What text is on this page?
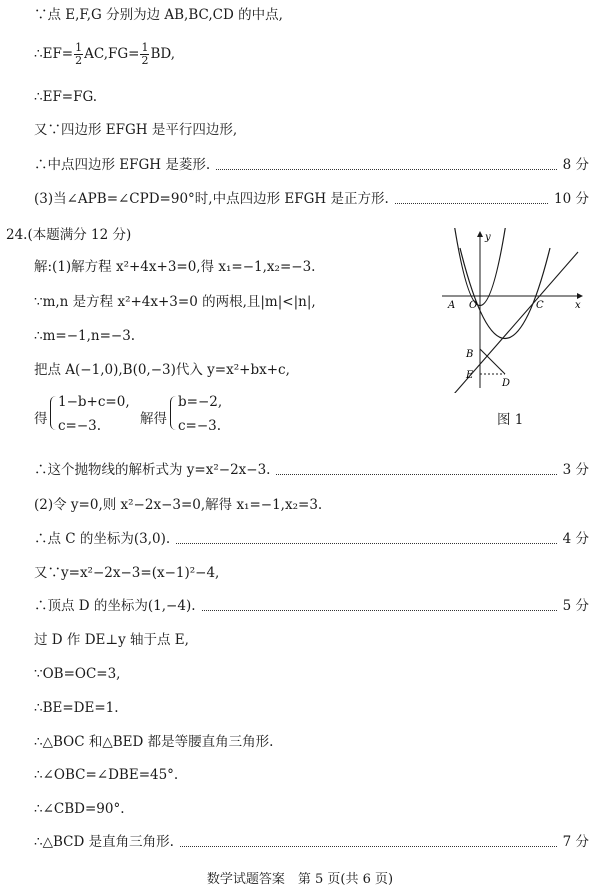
∵点 E,F,G 分别为边 AB,BC,CD 的中点,
∴EF= $\frac{1}{2} AC,FG= \frac{1}{2}$ BD,
∴EF=FG.
又∵四边形 EFGH 是平行四边形,
∴中点四边形 EFGH 是菱形.	8 分
(3)当∠APB=∠CPD=90°时,中点四边形 EFGH 是正方形.	10 分
24.(本题满分 12 分)
解:(1)解方程 x²+4x+3=0,得 x₁=−1,x₂=−3.
∵m,n 是方程 x²+4x+3=0 的两根,且|m|<|n|,
∴m=−1,n=−3.
把点 A(−1,0),B(0,−3)代入 y=x²+bx+c,
得
1−b+c=0,
c=−3.	解得
b=−2,
c=−3.
∴这个抛物线的解析式为 y=x²−2x−3.	3 分
(2)令 y=0,则 x²−2x−3=0,解得 x₁=−1,x₂=3.
∴点 C 的坐标为(3,0).	4 分
又∵y=x²−2x−3=(x−1)²−4,
∴顶点 D 的坐标为(1,−4).	5 分
过 D 作 DE⊥y 轴于点 E,
∵OB=OC=3,
∴BE=DE=1.
∴△BOC 和△BED 都是等腰直角三角形.
∴∠OBC=∠DBE=45°.
∴∠CBD=90°.
∴△BCD 是直角三角形.	7 分
y
x
A O	C
B
E
D
图 1
数学试题答案　第 5 页(共 6 页)
